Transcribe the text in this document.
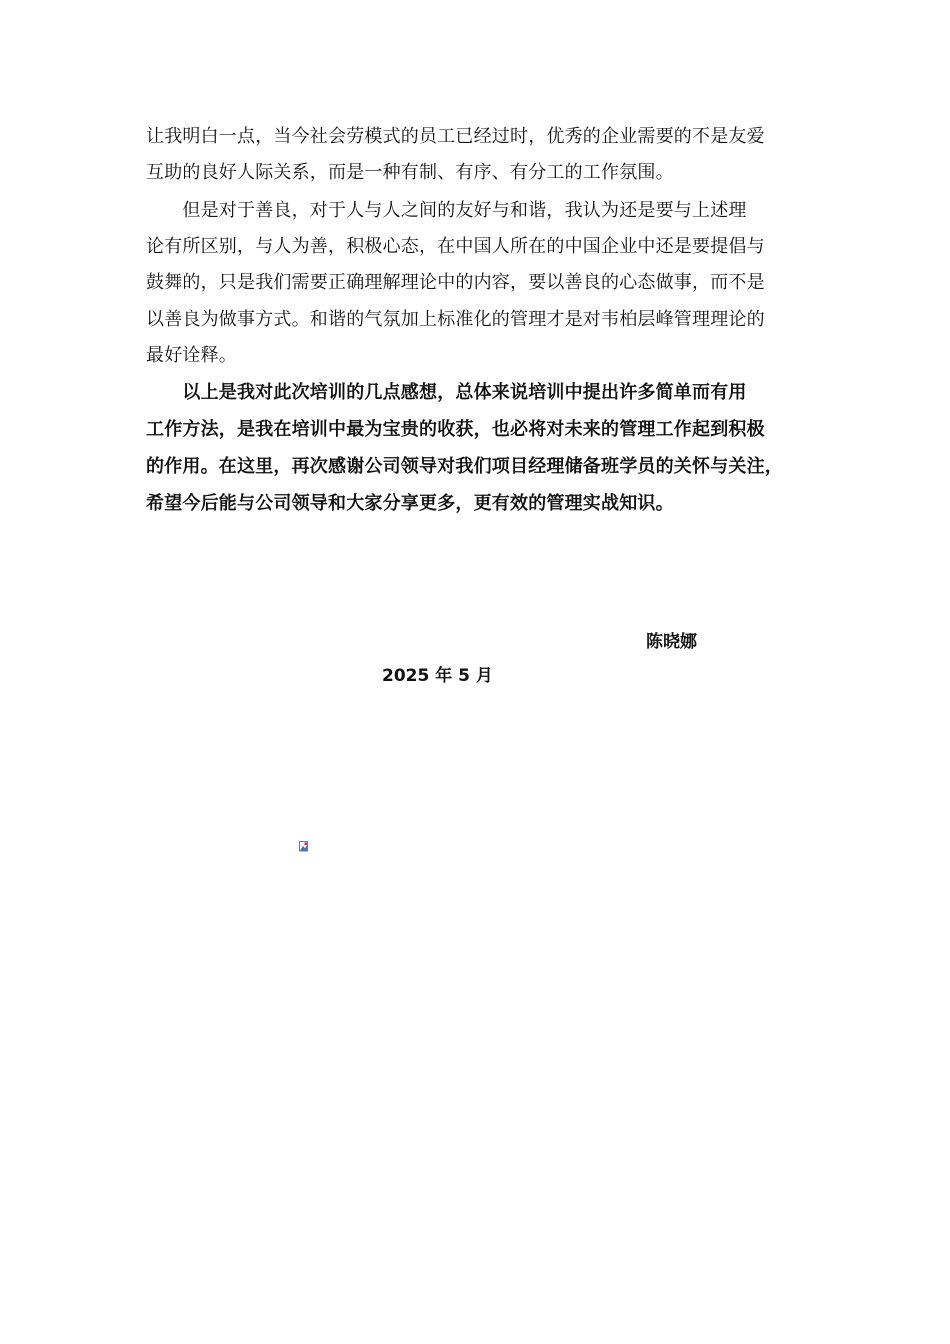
让我明白一点，当今社会劳模式的员工已经过时，优秀的企业需要的不是友爱
互助的良好人际关系，而是一种有制、有序、有分工的工作氛围。
　　但是对于善良，对于人与人之间的友好与和谐，我认为还是要与上述理
论有所区别，与人为善，积极心态，在中国人所在的中国企业中还是要提倡与
鼓舞的，只是我们需要正确理解理论中的内容，要以善良的心态做事，而不是
以善良为做事方式。和谐的气氛加上标准化的管理才是对韦柏层峰管理理论的
最好诠释。
　　以上是我对此次培训的几点感想，总体来说培训中提出许多简单而有用
工作方法，是我在培训中最为宝贵的收获，也必将对未来的管理工作起到积极
的作用。在这里，再次感谢公司领导对我们项目经理储备班学员的关怀与关注，
希望今后能与公司领导和大家分享更多，更有效的管理实战知识。
陈晓娜
2025 年 5 月
